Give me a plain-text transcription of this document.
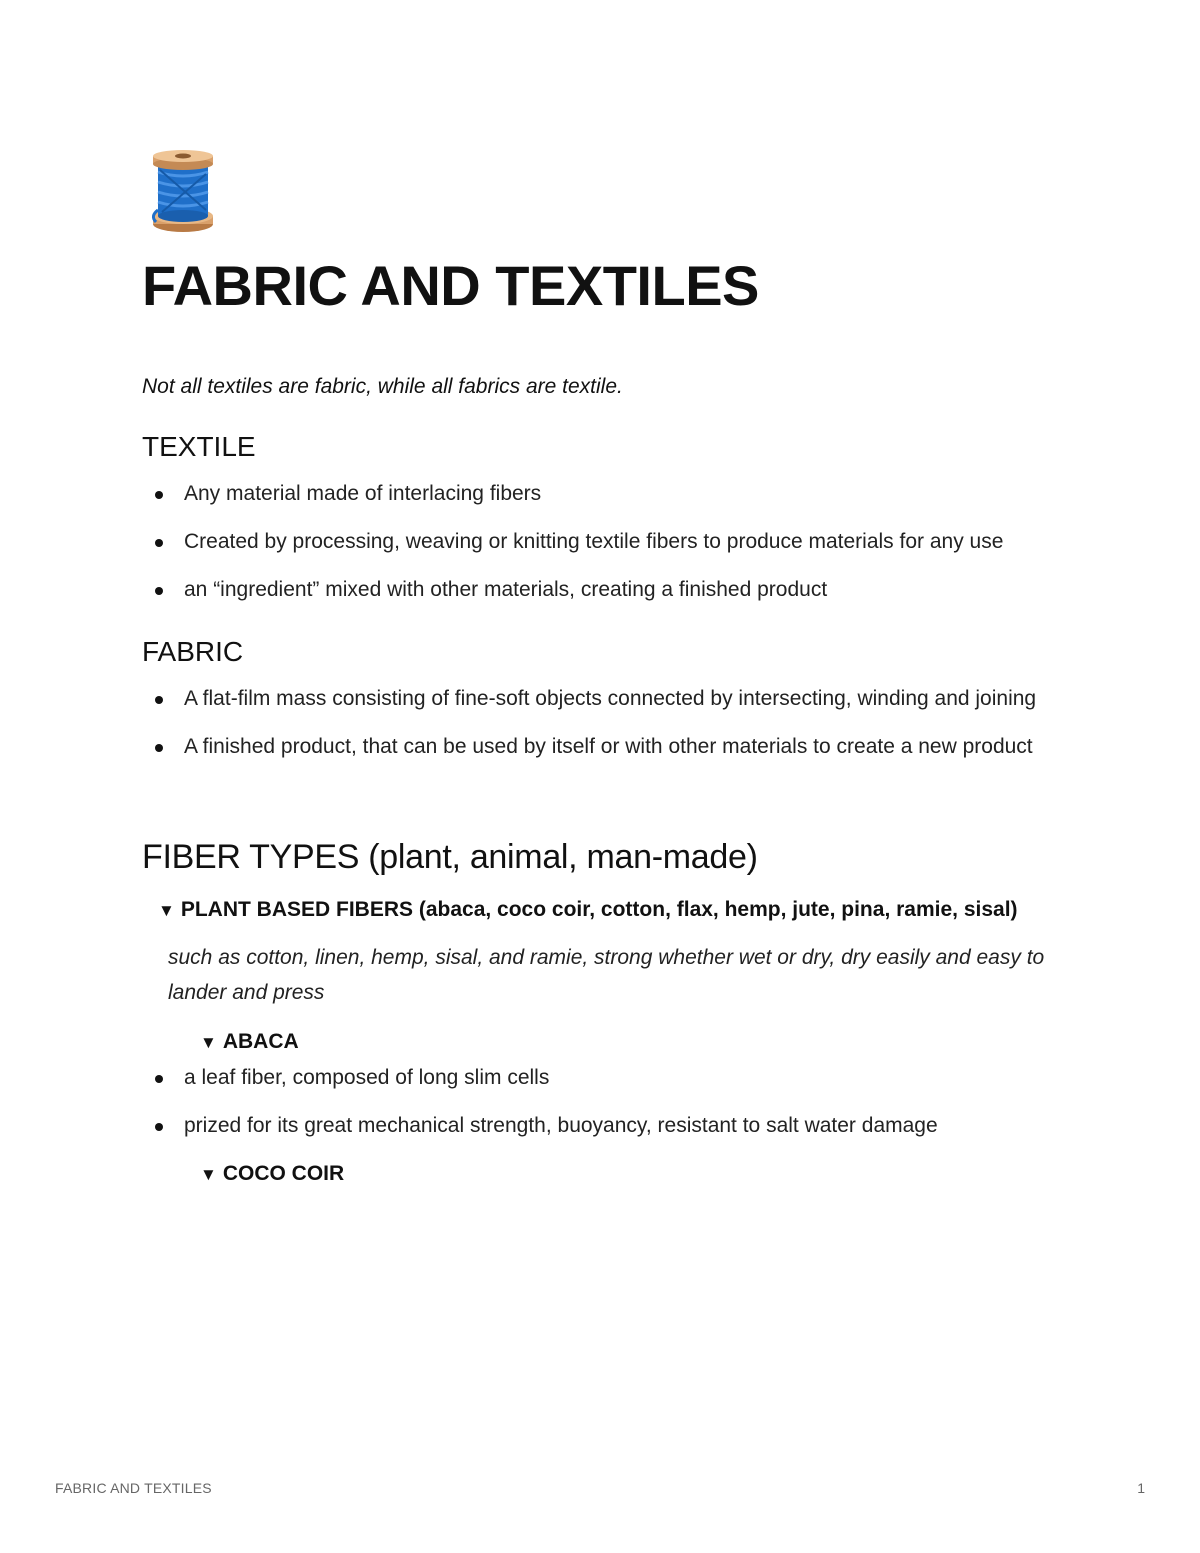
FABRIC AND TEXTILES

Not all textiles are fabric, while all fabrics are textile.

TEXTILE
Any material made of interlacing fibers
Created by processing, weaving or knitting textile fibers to produce materials for any use
an “ingredient” mixed with other materials, creating a finished product
FABRIC
A flat-film mass consisting of fine-soft objects connected by intersecting, winding and joining
A finished product, that can be used by itself or with other materials to create a new product
FIBER TYPES (plant, animal, man-made)
▼ PLANT BASED FIBERS (abaca, coco coir, cotton, flax, hemp, jute, pina, ramie, sisal)

such as cotton, linen, hemp, sisal, and ramie, strong whether wet or dry, dry easily and easy to lander and press

▼ ABACA
a leaf fiber, composed of long slim cells
prized for its great mechanical strength, buoyancy, resistant to salt water damage
▼ COCO COIR
FABRIC AND TEXTILES	1
